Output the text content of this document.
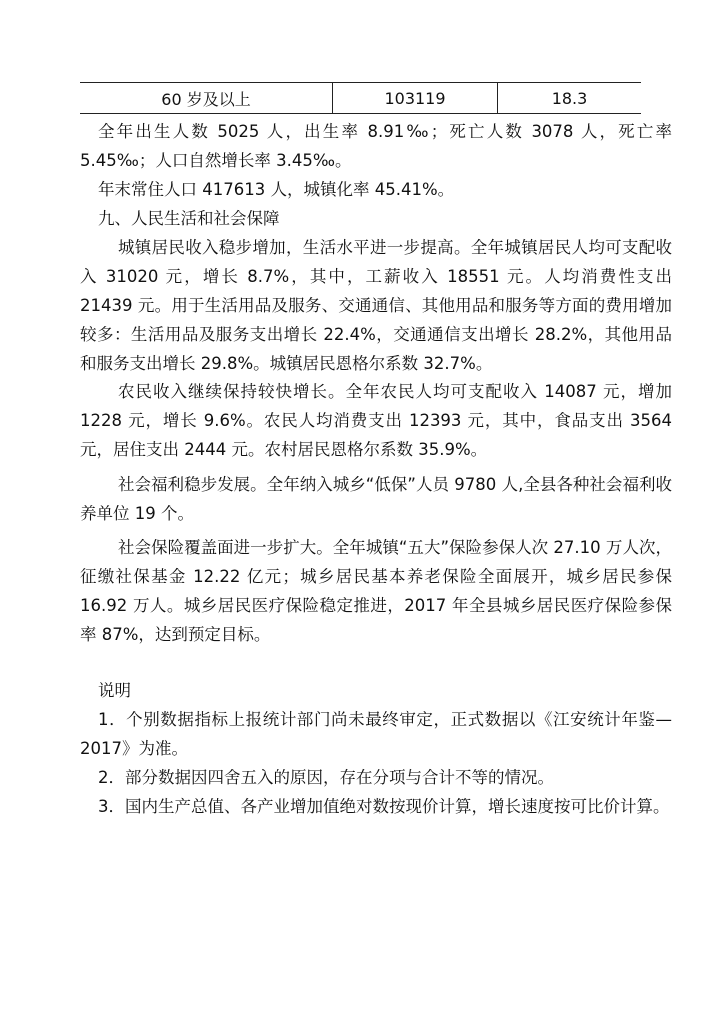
60 岁及以上	103119	18.3

全年出生人数 5025 人，出生率 8.91‰；死亡人数 3078 人，死亡率 5.45‰；人口自然增长率 3.45‰。

年末常住人口 417613 人，城镇化率 45.41%。

九、人民生活和社会保障

城镇居民收入稳步增加，生活水平进一步提高。全年城镇居民人均可支配收入 31020 元，增长 8.7%，其中，工薪收入 18551 元。人均消费性支出 21439 元。用于生活用品及服务、交通通信、其他用品和服务等方面的费用增加较多：生活用品及服务支出增长 22.4%，交通通信支出增长 28.2%，其他用品和服务支出增长 29.8%。城镇居民恩格尔系数 32.7%。

农民收入继续保持较快增长。全年农民人均可支配收入 14087 元，增加 1228 元，增长 9.6%。农民人均消费支出 12393 元，其中，食品支出 3564 元，居住支出 2444 元。农村居民恩格尔系数 35.9%。

社会福利稳步发展。全年纳入城乡“低保”人员 9780 人,全县各种社会福利收养单位 19 个。

社会保险覆盖面进一步扩大。全年城镇“五大”保险参保人次 27.10 万人次，征缴社保基金 12.22 亿元；城乡居民基本养老保险全面展开，城乡居民参保 16.92 万人。城乡居民医疗保险稳定推进，2017 年全县城乡居民医疗保险参保率 87%，达到预定目标。

说明

1．个别数据指标上报统计部门尚未最终审定，正式数据以《江安统计年鉴—2017》为准。

2．部分数据因四舍五入的原因，存在分项与合计不等的情况。

3．国内生产总值、各产业增加值绝对数按现价计算，增长速度按可比价计算。
